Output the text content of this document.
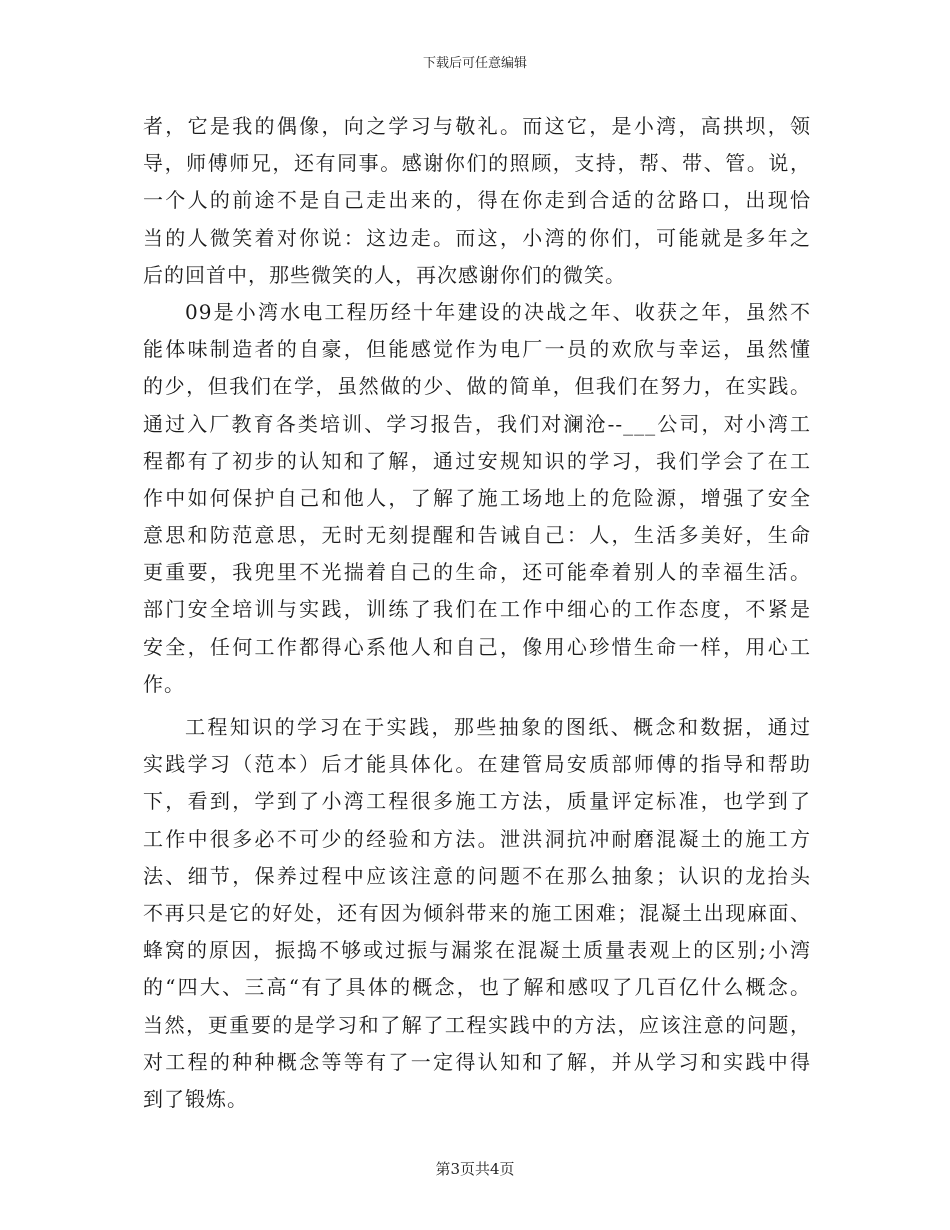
下载后可任意编辑
者，它是我的偶像，向之学习与敬礼。而这它，是小湾，高拱坝，领
导，师傅师兄，还有同事。感谢你们的照顾，支持，帮、带、管。说，
一个人的前途不是自己走出来的，得在你走到合适的岔路口，出现恰
当的人微笑着对你说：这边走。而这，小湾的你们，可能就是多年之
后的回首中，那些微笑的人，再次感谢你们的微笑。
09是小湾水电工程历经十年建设的决战之年、收获之年，虽然不
能体味制造者的自豪，但能感觉作为电厂一员的欢欣与幸运，虽然懂
的少，但我们在学，虽然做的少、做的简单，但我们在努力，在实践。
通过入厂教育各类培训、学习报告，我们对澜沧--___公司，对小湾工
程都有了初步的认知和了解，通过安规知识的学习，我们学会了在工
作中如何保护自己和他人，了解了施工场地上的危险源，增强了安全
意思和防范意思，无时无刻提醒和告诫自己：人，生活多美好，生命
更重要，我兜里不光揣着自己的生命，还可能牵着别人的幸福生活。
部门安全培训与实践，训练了我们在工作中细心的工作态度，不紧是
安全，任何工作都得心系他人和自己，像用心珍惜生命一样，用心工
作。
工程知识的学习在于实践，那些抽象的图纸、概念和数据，通过
实践学习（范本）后才能具体化。在建管局安质部师傅的指导和帮助
下，看到，学到了小湾工程很多施工方法，质量评定标准，也学到了
工作中很多必不可少的经验和方法。泄洪洞抗冲耐磨混凝土的施工方
法、细节，保养过程中应该注意的问题不在那么抽象；认识的龙抬头
不再只是它的好处，还有因为倾斜带来的施工困难；混凝土出现麻面、
蜂窝的原因，振捣不够或过振与漏浆在混凝土质量表观上的区别;小湾
的“四大、三高“有了具体的概念，也了解和感叹了几百亿什么概念。
当然，更重要的是学习和了解了工程实践中的方法，应该注意的问题，
对工程的种种概念等等有了一定得认知和了解，并从学习和实践中得
到了锻炼。
第3页共4页
